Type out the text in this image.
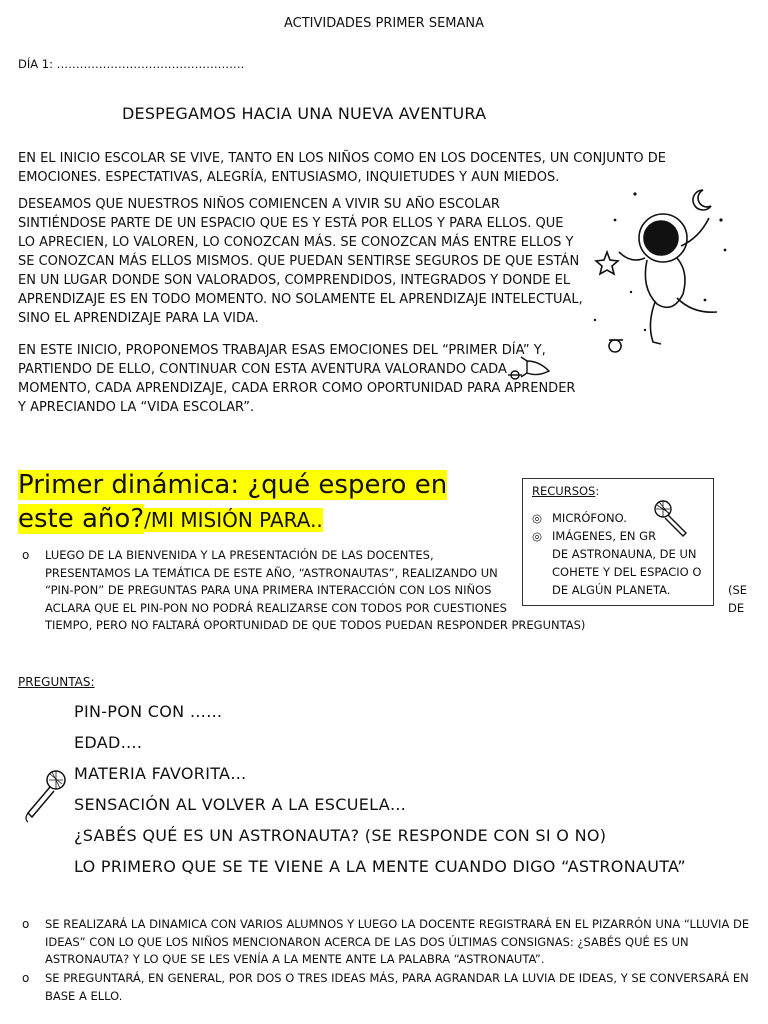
ACTIVIDADES PRIMER SEMANA
DÍA 1: ………………………………………….
DESPEGAMOS HACIA UNA NUEVA AVENTURA

EN EL INICIO ESCOLAR SE VIVE, TANTO EN LOS NIÑOS COMO EN LOS DOCENTES, UN CONJUNTO DE EMOCIONES. ESPECTATIVAS, ALEGRÍA, ENTUSIASMO, INQUIETUDES Y AUN MIEDOS.

DESEAMOS QUE NUESTROS NIÑOS COMIENCEN A VIVIR SU AÑO ESCOLAR SINTIÉNDOSE PARTE DE UN ESPACIO QUE ES Y ESTÁ POR ELLOS Y PARA ELLOS. QUE LO APRECIEN, LO VALOREN, LO CONOZCAN MÁS. SE CONOZCAN MÁS ENTRE ELLOS Y SE CONOZCAN MÁS ELLOS MISMOS. QUE PUEDAN SENTIRSE SEGUROS DE QUE ESTÁN EN UN LUGAR DONDE SON VALORADOS, COMPRENDIDOS, INTEGRADOS Y DONDE EL APRENDIZAJE ES EN TODO MOMENTO. NO SOLAMENTE EL APRENDIZAJE INTELECTUAL, SINO EL APRENDIZAJE PARA LA VIDA.

EN ESTE INICIO, PROPONEMOS TRABAJAR ESAS EMOCIONES DEL “PRIMER DÍA” Y, PARTIENDO DE ELLO, CONTINUAR CON ESTA AVENTURA VALORANDO CADA MOMENTO, CADA APRENDIZAJE, CADA ERROR COMO OPORTUNIDAD PARA APRENDER Y APRECIANDO LA “VIDA ESCOLAR”.

Primer dinámica: ¿qué espero en
este año?/MI MISIÓN PARA..
RECURSOS:
◎ MICRÓFONO.
◎ IMÁGENES, EN GR
DE ASTRONAUNA, DE UN COHETE Y DEL ESPACIO O DE ALGÚN PLANETA.
o LUEGO DE LA BIENVENIDA Y LA PRESENTACIÓN DE LAS DOCENTES,
PRESENTAMOS LA TEMÁTICA DE ESTE AÑO, “ASTRONAUTAS”, REALIZANDO UN
“PIN-PON” DE PREGUNTAS PARA UNA PRIMERA INTERACCIÓN CON LOS NIÑOS
ACLARA QUE EL PIN-PON NO PODRÁ REALIZARSE CON TODOS POR CUESTIONES
TIEMPO, PERO NO FALTARÁ OPORTUNIDAD DE QUE TODOS PUEDAN RESPONDER PREGUNTAS)
(SE
DE
PREGUNTAS:
PIN-PON CON ……
EDAD….
MATERIA FAVORITA…
SENSACIÓN AL VOLVER A LA ESCUELA…
¿SABÉS QUÉ ES UN ASTRONAUTA? (SE RESPONDE CON SI O NO)
LO PRIMERO QUE SE TE VIENE A LA MENTE CUANDO DIGO “ASTRONAUTA”
o SE REALIZARÁ LA DINAMICA CON VARIOS ALUMNOS Y LUEGO LA DOCENTE REGISTRARÁ EN EL PIZARRÓN UNA “LLUVIA DE IDEAS” CON LO QUE LOS NIÑOS MENCIONARON ACERCA DE LAS DOS ÚLTIMAS CONSIGNAS: ¿SABÉS QUÉ ES UN ASTRONAUTA? Y LO QUE SE LES VENÍA A LA MENTE ANTE LA PALABRA “ASTRONAUTA”.

o SE PREGUNTARÁ, EN GENERAL, POR DOS O TRES IDEAS MÁS, PARA AGRANDAR LA LUVIA DE IDEAS, Y SE CONVERSARÁ EN BASE A ELLO.
